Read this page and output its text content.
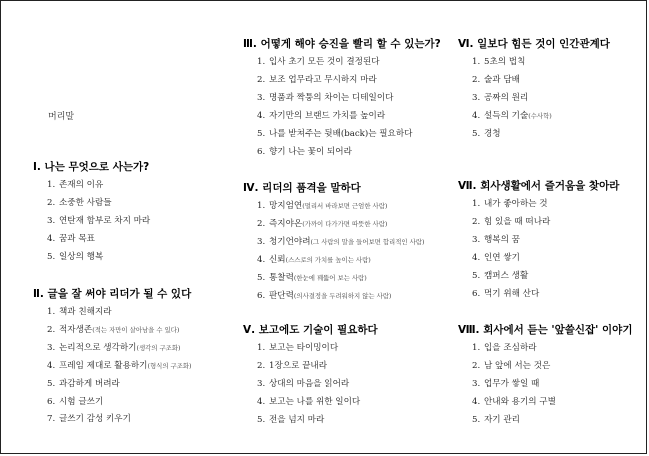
머리말
Ⅰ. 나는 무엇으로 사는가?
1. 존재의 이유
2. 소중한 사람들
3. 연탄재 함부로 차지 마라
4. 꿈과 목표
5. 일상의 행복
Ⅱ. 글을 잘 써야 리더가 될 수 있다
1. 책과 친해지라
2. 적자생존(적는 자만이 살아남을 수 있다)
3. 논리적으로 생각하기(생각의 구조화)
4. 프레임 제대로 활용하기(형식의 구조화)
5. 과감하게 버려라
6. 시험 글쓰기
7. 글쓰기 감성 키우기
Ⅲ. 어떻게 해야 승진을 빨리 할 수 있는가?
1. 입사 초기 모든 것이 결정된다
2. 보조 업무라고 무시하지 마라
3. 명품과 짝퉁의 차이는 디테일이다
4. 자기만의 브랜드 가치를 높이라
5. 나를 받쳐주는 뒷배(back)는 필요하다
6. 향기 나는 꽃이 되어라
Ⅳ. 리더의 품격을 말하다
1. 망지엄연(멀리서 바라보면 근엄한 사람)
2. 즉지야온(가까이 다가가면 따뜻한 사람)
3. 청기언야려(그 사람의 말을 들어보면 합리적인 사람)
4. 신뢰(스스로의 가치를 높이는 사람)
5. 통찰력(한눈에 꿰뚫어 보는 사람)
6. 판단력(의사결정을 두려워하지 않는 사람)
Ⅴ. 보고에도 기술이 필요하다
1. 보고는 타이밍이다
2. 1장으로 끝내라
3. 상대의 마음을 읽어라
4. 보고는 나를 위한 일이다
5. 전을 넘지 마라
Ⅵ. 일보다 힘든 것이 인간관계다
1. 5초의 법칙
2. 술과 담배
3. 공짜의 원리
4. 설득의 기술(수사학)
5. 경청
Ⅶ. 회사생활에서 즐거움을 찾아라
1. 내가 좋아하는 것
2. 힘 있을 때 떠나라
3. 행복의 꿈
4. 인연 쌓기
5. 캠퍼스 생활
6. 먹기 위해 산다
Ⅷ. 회사에서 듣는 '앞쓸신잡' 이야기
1. 입을 조심하라
2. 남 앞에 서는 것은
3. 업무가 쌓일 때
4. 안내와 용기의 구별
5. 자기 관리
